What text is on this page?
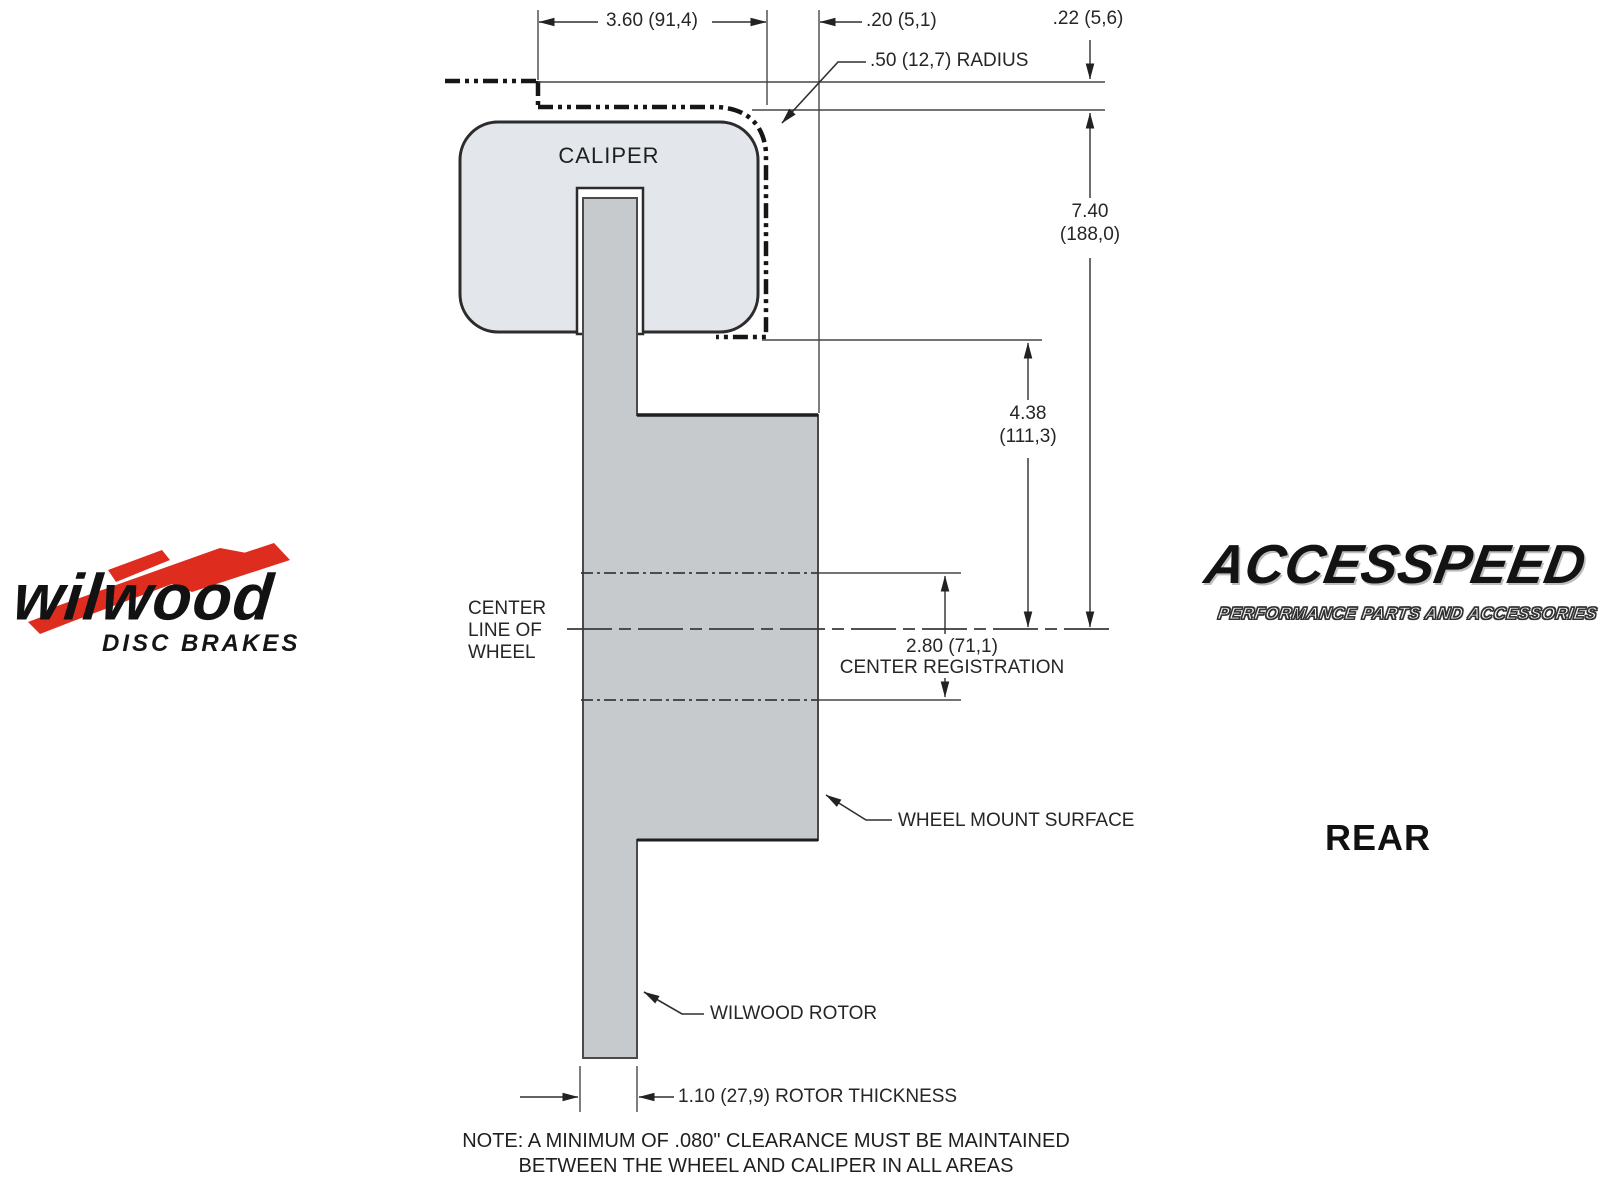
3.60 (91,4)	.20 (5,1)	.22 (5,6)
.50 (12,7) RADIUS
CALIPER
7.40
(188,0)
4.38
(111,3)
CENTER
LINE OF
WHEEL	2.80 (71,1)
CENTER REGISTRATION
WHEEL MOUNT SURFACE
WILWOOD ROTOR
1.10 (27,9) ROTOR THICKNESS
NOTE: A MINIMUM OF .080" CLEARANCE MUST BE MAINTAINED
BETWEEN THE WHEEL AND CALIPER IN ALL AREAS
REAR
wilwood
DISC BRAKES
ACCESSPEED
PERFORMANCE PARTS AND ACCESSORIES
